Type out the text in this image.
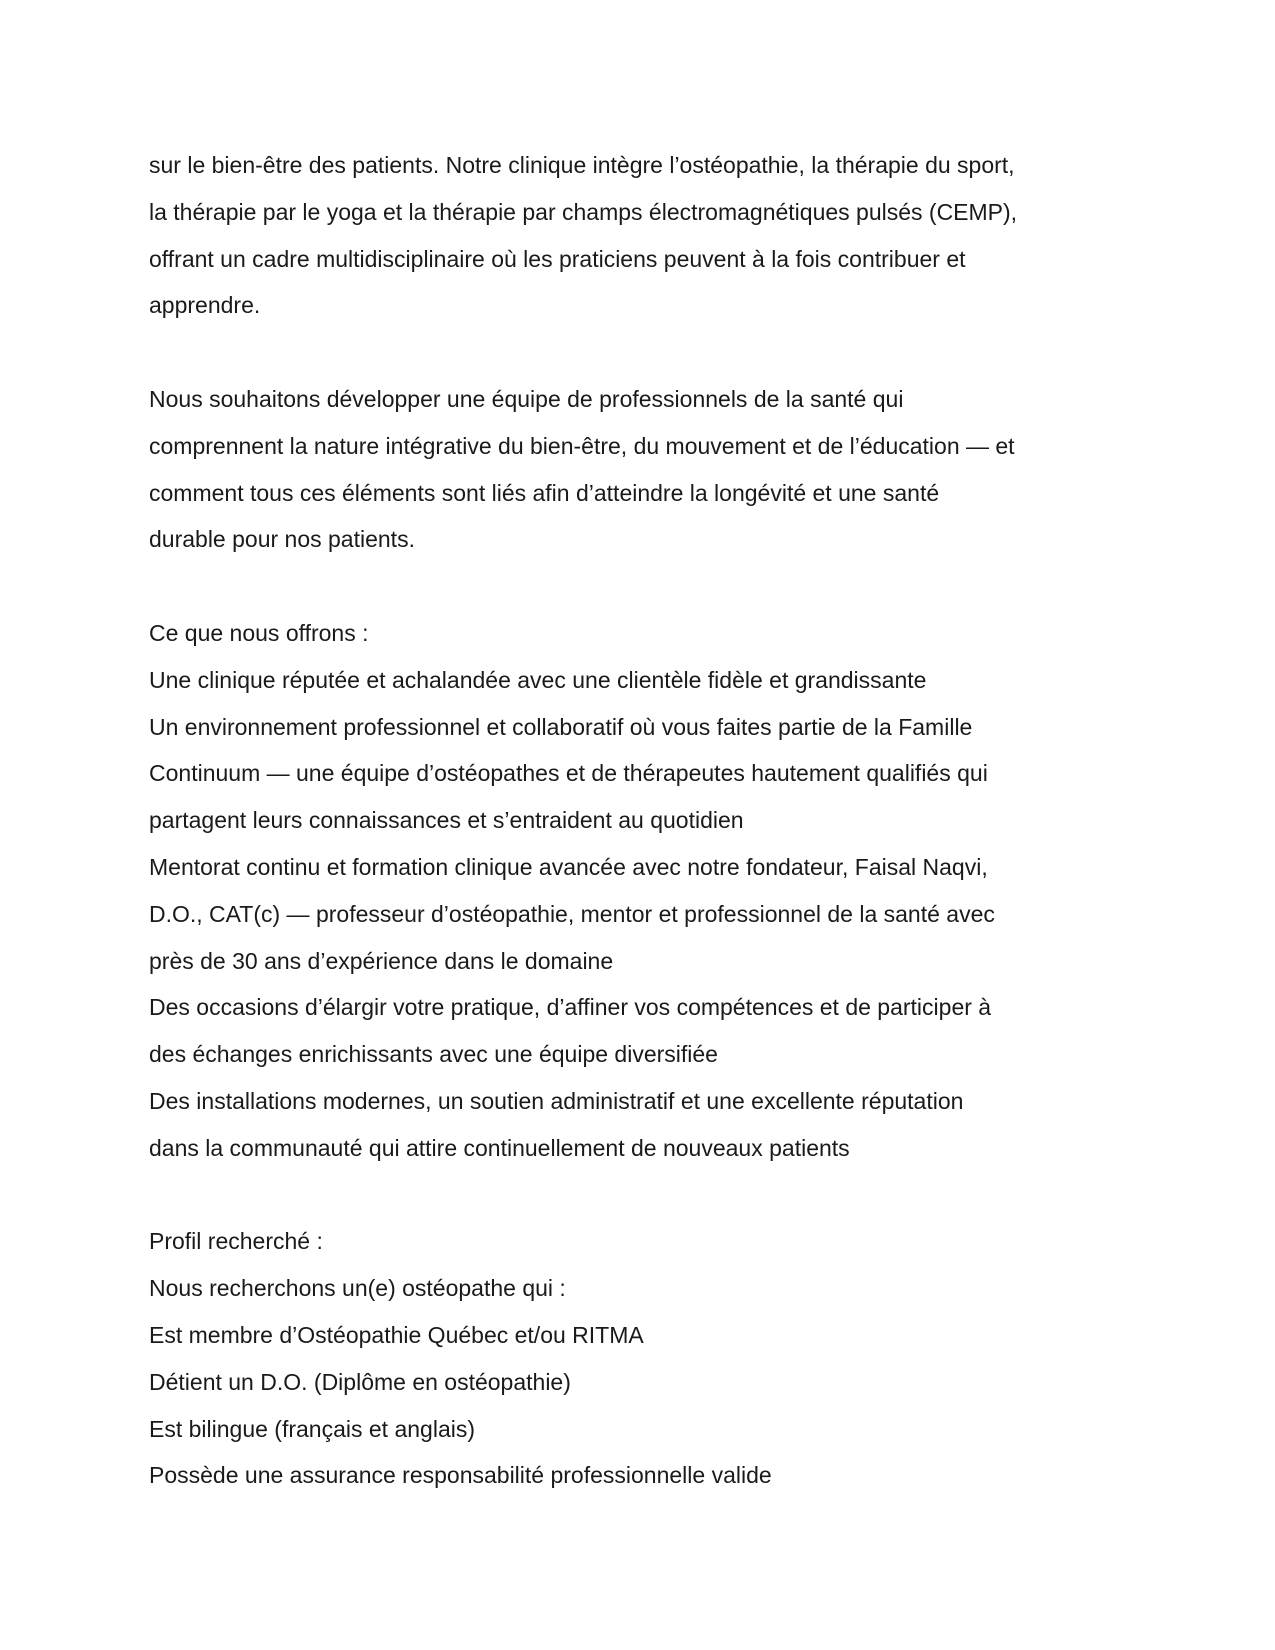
sur le bien-être des patients. Notre clinique intègre l’ostéopathie, la thérapie du sport,
la thérapie par le yoga et la thérapie par champs électromagnétiques pulsés (CEMP),
offrant un cadre multidisciplinaire où les praticiens peuvent à la fois contribuer et
apprendre.
Nous souhaitons développer une équipe de professionnels de la santé qui
comprennent la nature intégrative du bien-être, du mouvement et de l’éducation — et
comment tous ces éléments sont liés afin d’atteindre la longévité et une santé
durable pour nos patients.
Ce que nous offrons :
Une clinique réputée et achalandée avec une clientèle fidèle et grandissante
Un environnement professionnel et collaboratif où vous faites partie de la Famille
Continuum — une équipe d’ostéopathes et de thérapeutes hautement qualifiés qui
partagent leurs connaissances et s’entraident au quotidien
Mentorat continu et formation clinique avancée avec notre fondateur, Faisal Naqvi,
D.O., CAT(c) — professeur d’ostéopathie, mentor et professionnel de la santé avec
près de 30 ans d’expérience dans le domaine
Des occasions d’élargir votre pratique, d’affiner vos compétences et de participer à
des échanges enrichissants avec une équipe diversifiée
Des installations modernes, un soutien administratif et une excellente réputation
dans la communauté qui attire continuellement de nouveaux patients
Profil recherché :
Nous recherchons un(e) ostéopathe qui :
Est membre d’Ostéopathie Québec et/ou RITMA
Détient un D.O. (Diplôme en ostéopathie)
Est bilingue (français et anglais)
Possède une assurance responsabilité professionnelle valide
